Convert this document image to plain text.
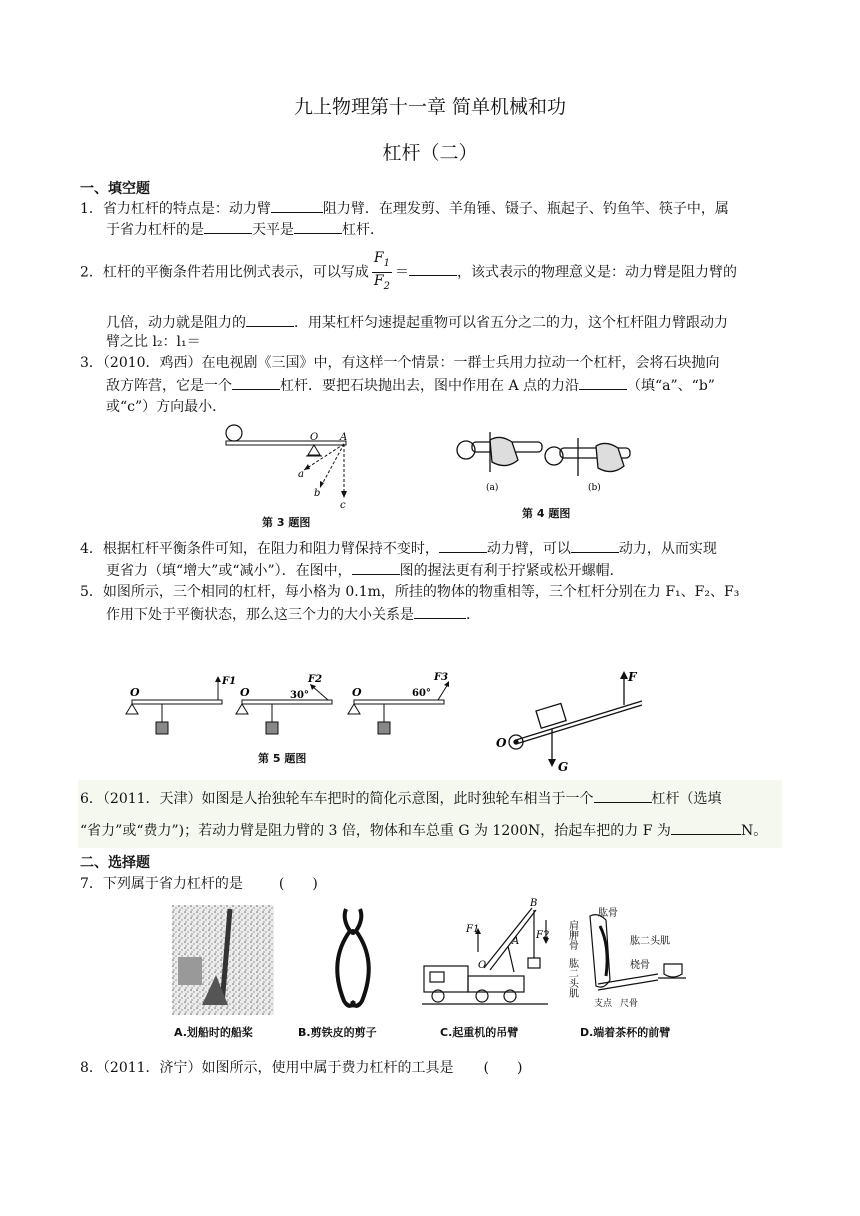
九上物理第十一章 简单机械和功
杠杆（二）
一、填空题
1．省力杠杆的特点是：动力臂	阻力臂．在理发剪、羊角锤、镊子、瓶起子、钓鱼竿、筷子中，属
于省力杠杆的是	天平是	杠杆．
2．杠杆的平衡条件若用比例式表示，可以写成 $\frac{F_1}{F_2}$ ＝	，该式表示的物理意义是：动力臂是阻力臂的
几倍，动力就是阻力的	．用某杠杆匀速提起重物可以省五分之二的力，这个杠杆阻力臂跟动力
臂之比 l₂：l₁＝
3．（2010．鸡西）在电视剧《三国》中，有这样一个情景：一群士兵用力拉动一个杠杆，会将石块抛向
敌方阵营，它是一个	杠杆．要把石块抛出去，图中作用在 A 点的力沿	（填“a”、“b”
或“c”）方向最小．
O A
a
b
c
第 3 题图
(a)	(b)
第 4 题图
4．根据杠杆平衡条件可知，在阻力和阻力臂保持不变时，	动力臂，可以	动力，从而实现
更省力（填“增大”或“减小”）．在图中，	图的握法更有利于拧紧或松开螺帽．
5．如图所示，三个相同的杠杆，每小格为 0.1m，所挂的物体的物重相等，三个杠杆分别在力 F₁、F₂、F₃
作用下处于平衡状态，那么这三个力的大小关系是	．
O
F1
O	30°
F2
O	60°
F3
第 5 题图
F
O
G
6．（2011．天津）如图是人抬独轮车车把时的简化示意图，此时独轮车相当于一个	杠杆（选填
“省力”或“费力”)；若动力臂是阻力臂的 3 倍，物体和车总重 G 为 1200N，抬起车把的力 F 为	N。
二、选择题
7．下列属于省力杠杆的是	(　　)
B
F1
F2
A
O
肱骨
肩胛骨	肱二头肌
肱二头肌	桡骨
支点 尺骨
A.划船时的船桨	B.剪铁皮的剪子	C.起重机的吊臂	D.端着茶杯的前臂
8．（2011．济宁）如图所示，使用中属于费力杠杆的工具是 (　　)
